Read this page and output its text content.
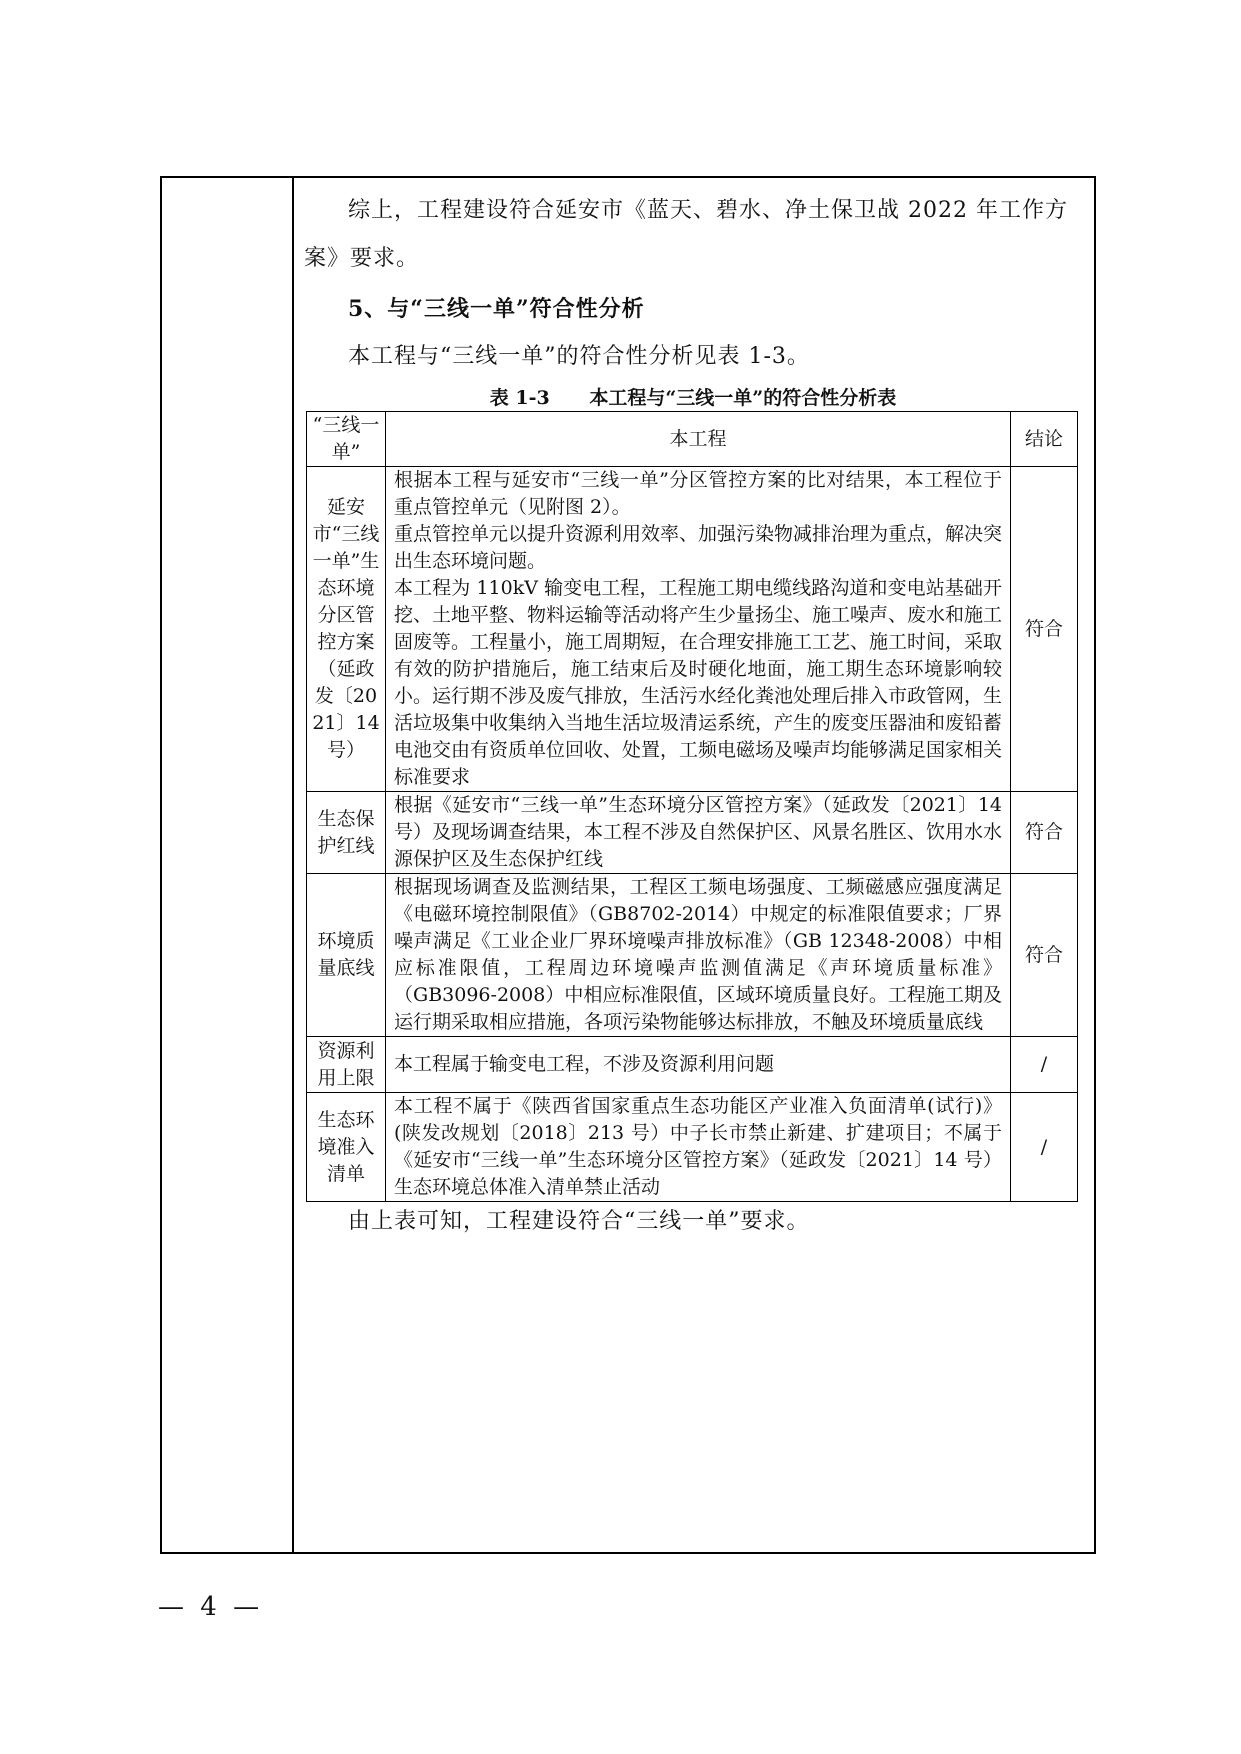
综上，工程建设符合延安市《蓝天、碧水、净土保卫战 2022 年工作方案》要求。

5、与“三线一单”符合性分析

本工程与“三线一单”的符合性分析见表 1-3。

表 1-3      本工程与“三线一单”的符合性分析表

“三线一单”	本工程	结论
延安市“三线一单”生态环境分区管控方案（延政发〔2021〕14号）	根据本工程与延安市“三线一单”分区管控方案的比对结果，本工程位于重点管控单元（见附图 2）。
重点管控单元以提升资源利用效率、加强污染物减排治理为重点，解决突出生态环境问题。
本工程为 110kV 输变电工程，工程施工期电缆线路沟道和变电站基础开挖、土地平整、物料运输等活动将产生少量扬尘、施工噪声、废水和施工固废等。工程量小，施工周期短，在合理安排施工工艺、施工时间，采取有效的防护措施后，施工结束后及时硬化地面，施工期生态环境影响较小。运行期不涉及废气排放，生活污水经化粪池处理后排入市政管网，生活垃圾集中收集纳入当地生活垃圾清运系统，产生的废变压器油和废铅蓄电池交由有资质单位回收、处置，工频电磁场及噪声均能够满足国家相关标准要求	符合
生态保护红线	根据《延安市“三线一单”生态环境分区管控方案》（延政发〔2021〕14 号）及现场调查结果，本工程不涉及自然保护区、风景名胜区、饮用水水源保护区及生态保护红线	符合
环境质量底线	根据现场调查及监测结果，工程区工频电场强度、工频磁感应强度满足《电磁环境控制限值》（GB8702-2014）中规定的标准限值要求；厂界噪声满足《工业企业厂界环境噪声排放标准》（GB 12348-2008）中相应标准限值，工程周边环境噪声监测值满足《声环境质量标准》（GB3096-2008）中相应标准限值，区域环境质量良好。工程施工期及运行期采取相应措施，各项污染物能够达标排放，不触及环境质量底线	符合
资源利用上限	本工程属于输变电工程，不涉及资源利用问题	/
生态环境准入清单	本工程不属于《陕西省国家重点生态功能区产业准入负面清单(试行)》(陕发改规划〔2018〕213 号）中子长市禁止新建、扩建项目；不属于《延安市“三线一单”生态环境分区管控方案》（延政发〔2021〕14 号）生态环境总体准入清单禁止活动	/

由上表可知，工程建设符合“三线一单”要求。

— 4 —
